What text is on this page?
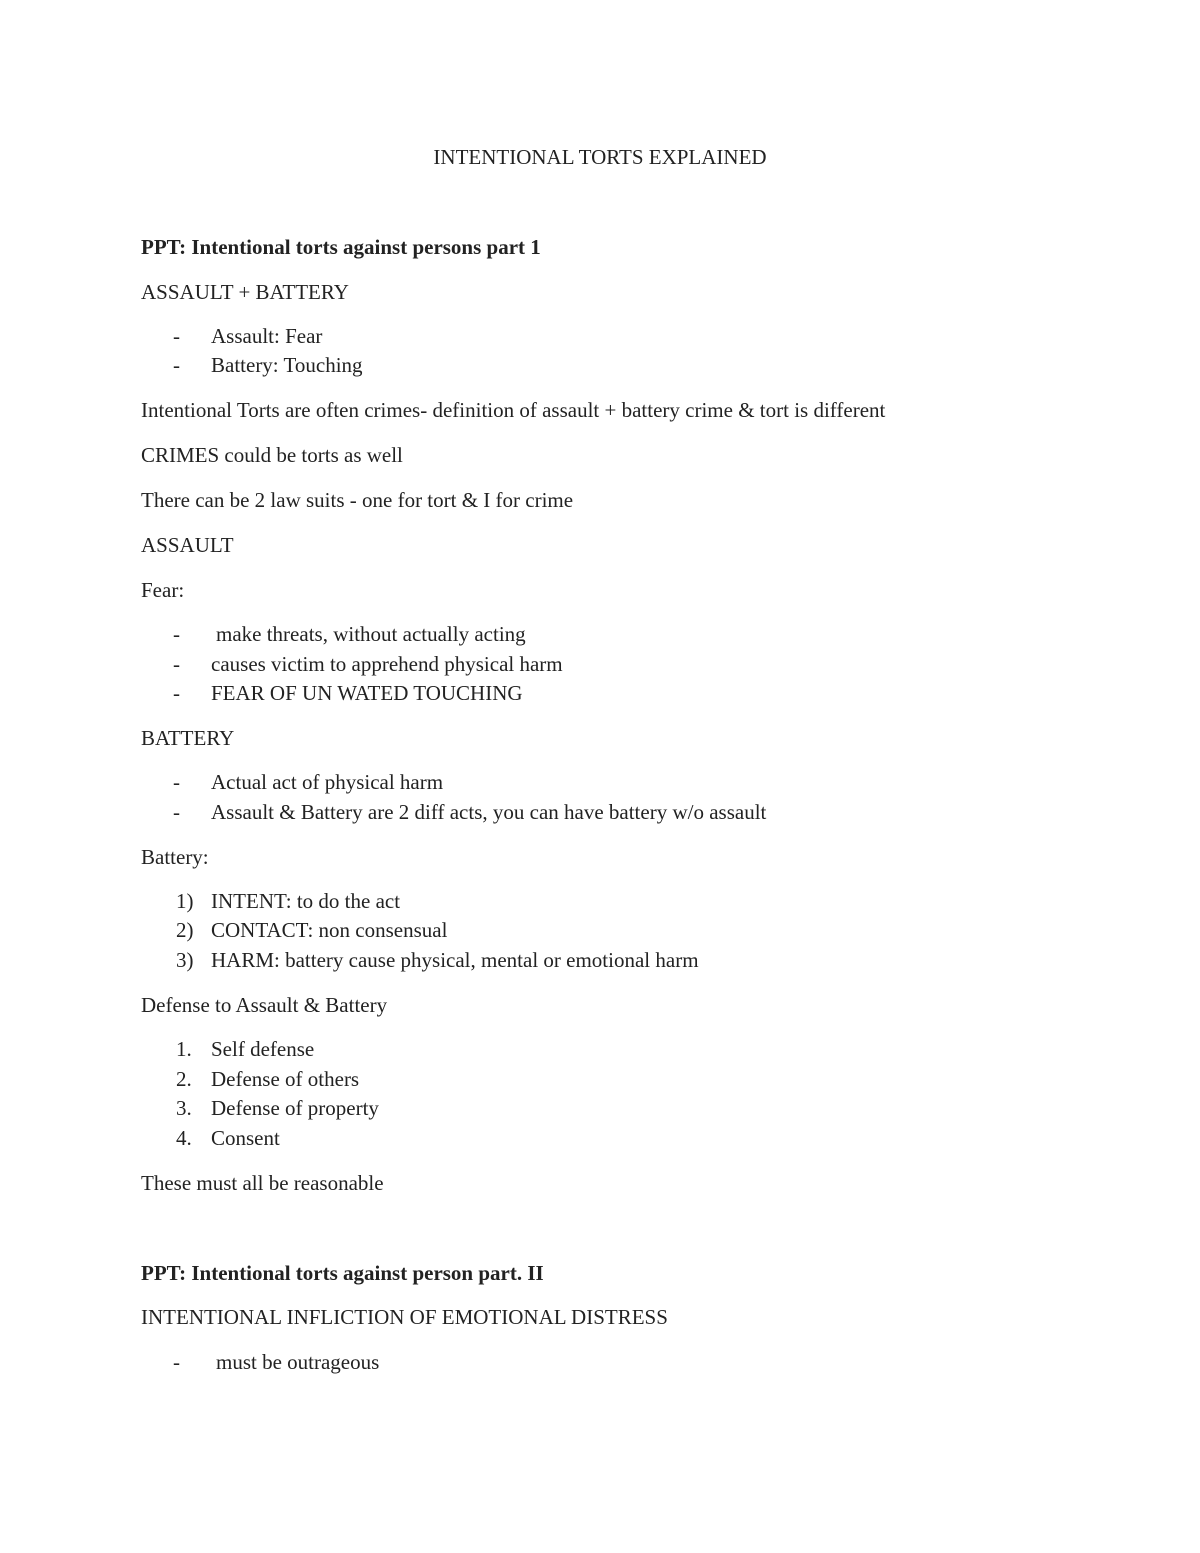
INTENTIONAL TORTS EXPLAINED
PPT: Intentional torts against persons part 1
ASSAULT + BATTERY
- Assault: Fear
- Battery: Touching
Intentional Torts are often crimes- definition of assault + battery crime & tort is different
CRIMES could be torts as well
There can be 2 law suits - one for tort & I for crime
ASSAULT
Fear:
- make threats, without actually acting
- causes victim to apprehend physical harm
- FEAR OF UN WATED TOUCHING
BATTERY
- Actual act of physical harm
- Assault & Battery are 2 diff acts, you can have battery w/o assault
Battery:
1) INTENT: to do the act
2) CONTACT: non consensual
3) HARM: battery cause physical, mental or emotional harm
Defense to Assault & Battery
1. Self defense
2. Defense of others
3. Defense of property
4. Consent
These must all be reasonable
PPT: Intentional torts against person part. II
INTENTIONAL INFLICTION OF EMOTIONAL DISTRESS
- must be outrageous
